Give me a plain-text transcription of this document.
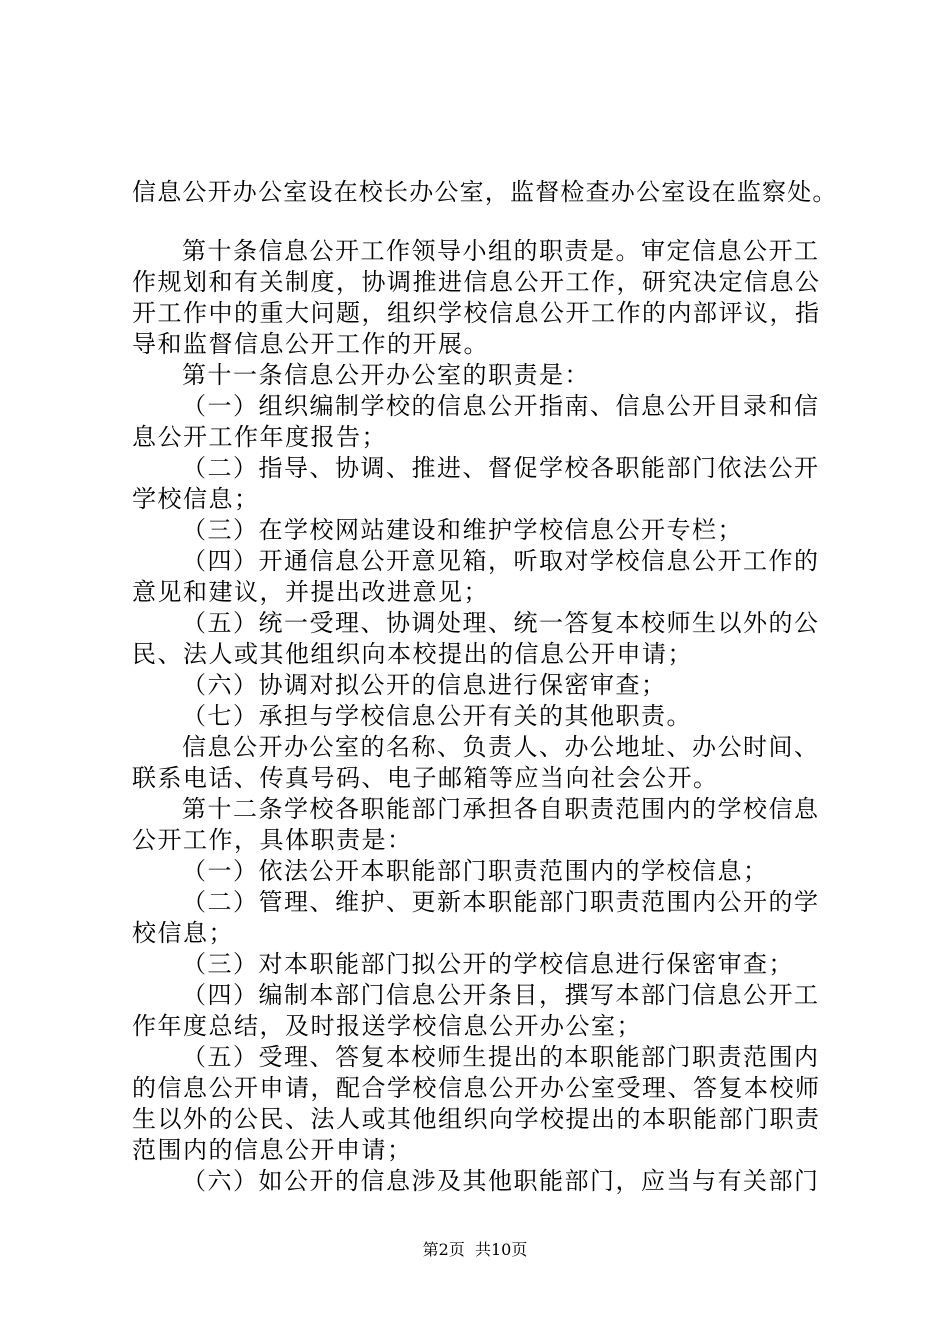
信息公开办公室设在校长办公室，监督检查办公室设在监察处。
第十条信息公开工作领导小组的职责是。审定信息公开工
作规划和有关制度，协调推进信息公开工作，研究决定信息公
开工作中的重大问题，组织学校信息公开工作的内部评议，指
导和监督信息公开工作的开展。
第十一条信息公开办公室的职责是：
（一）组织编制学校的信息公开指南、信息公开目录和信
息公开工作年度报告；
（二）指导、协调、推进、督促学校各职能部门依法公开
学校信息；
（三）在学校网站建设和维护学校信息公开专栏；
（四）开通信息公开意见箱，听取对学校信息公开工作的
意见和建议，并提出改进意见；
（五）统一受理、协调处理、统一答复本校师生以外的公
民、法人或其他组织向本校提出的信息公开申请；
（六）协调对拟公开的信息进行保密审查；
（七）承担与学校信息公开有关的其他职责。
信息公开办公室的名称、负责人、办公地址、办公时间、
联系电话、传真号码、电子邮箱等应当向社会公开。
第十二条学校各职能部门承担各自职责范围内的学校信息
公开工作，具体职责是：
（一）依法公开本职能部门职责范围内的学校信息；
（二）管理、维护、更新本职能部门职责范围内公开的学
校信息；
（三）对本职能部门拟公开的学校信息进行保密审查；
（四）编制本部门信息公开条目，撰写本部门信息公开工
作年度总结，及时报送学校信息公开办公室；
（五）受理、答复本校师生提出的本职能部门职责范围内
的信息公开申请，配合学校信息公开办公室受理、答复本校师
生以外的公民、法人或其他组织向学校提出的本职能部门职责
范围内的信息公开申请；
（六）如公开的信息涉及其他职能部门，应当与有关部门
第2页  共10页
